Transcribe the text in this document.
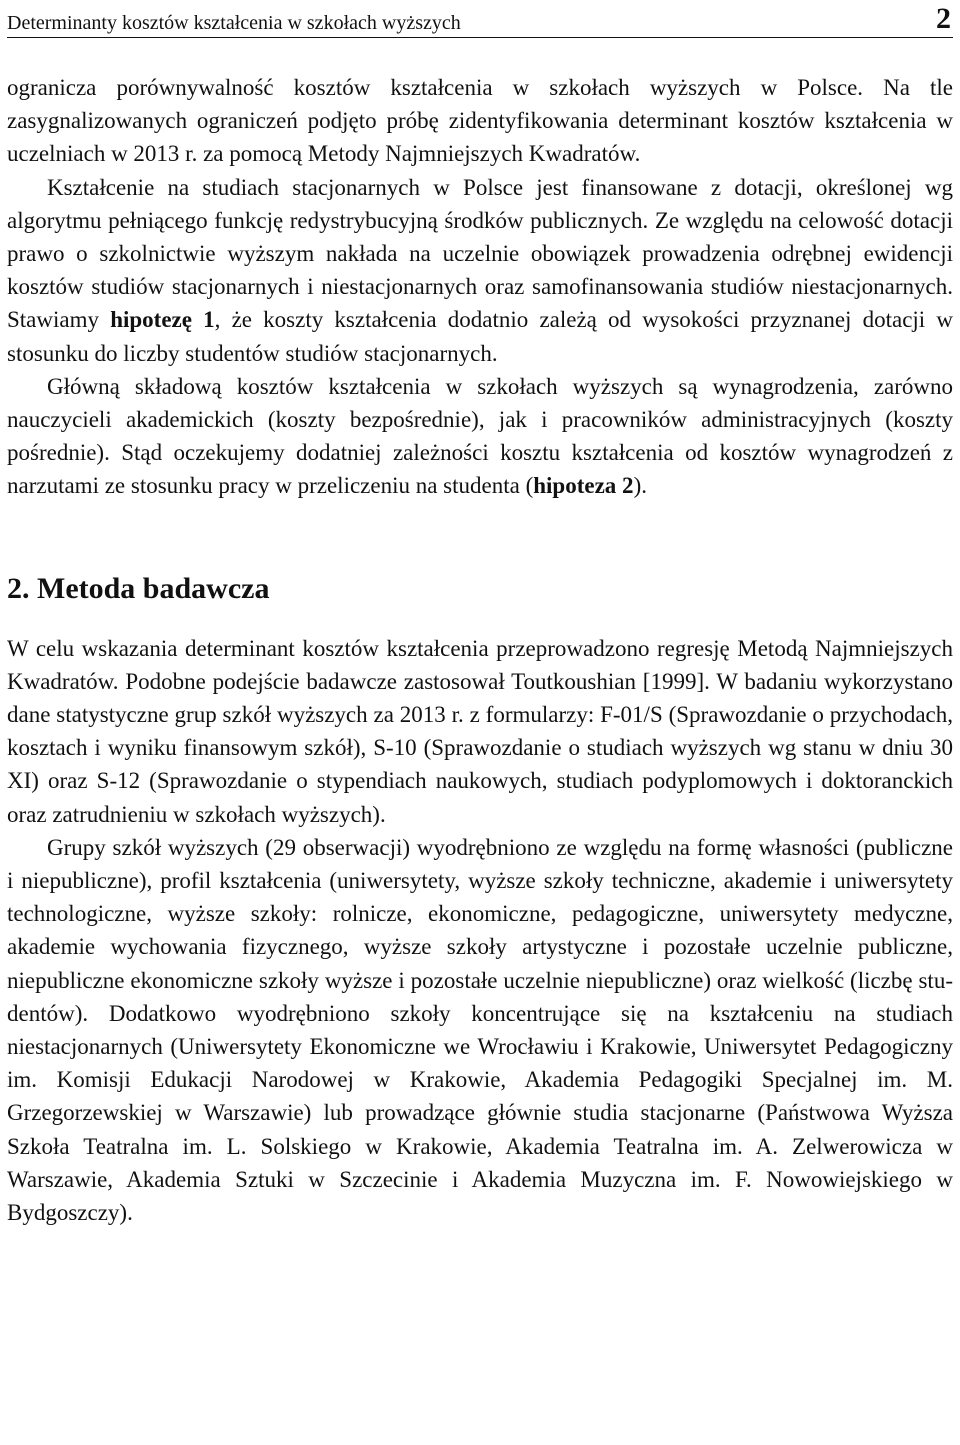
Determinanty kosztów kształcenia w szkołach wyższych	2

ogranicza porównywalność kosztów kształcenia w szkołach wyższych w Polsce. Na tle zasygnalizowanych ograniczeń podjęto próbę zidentyfikowania determinant kosztów kształcenia w uczelniach w 2013 r. za pomocą Metody Najmniejszych Kwadratów.

Kształcenie na studiach stacjonarnych w Polsce jest finansowane z dotacji, określonej wg algorytmu pełniącego funkcję redystrybucyjną środków publicznych. Ze względu na celowość dotacji prawo o szkolnictwie wyższym nakłada na uczelnie obowiązek prowadzenia odrębnej ewidencji kosztów studiów stacjonarnych i niestacjonarnych oraz samofinansowania studiów niestacjonarnych. Stawiamy hipotezę 1, że koszty kształcenia dodatnio zależą od wysokości przyznanej dotacji w stosunku do liczby studentów studiów stacjonarnych.

Główną składową kosztów kształcenia w szkołach wyższych są wynagrodzenia, zarówno nauczycieli akademickich (koszty bezpośrednie), jak i pracowników administracyjnych (koszty pośrednie). Stąd oczekujemy dodatniej zależności kosztu kształcenia od kosztów wynagrodzeń z narzutami ze stosunku pracy w przeliczeniu na studenta (hipoteza 2).

2. Metoda badawcza

W celu wskazania determinant kosztów kształcenia przeprowadzono regresję Metodą Najmniejszych Kwadratów. Podobne podejście badawcze zastosował Toutkoushian [1999]. W badaniu wykorzystano dane statystyczne grup szkół wyższych za 2013 r. z formularzy: F-01/S (Sprawozdanie o przychodach, kosztach i wyniku finansowym szkół), S-10 (Sprawozdanie o studiach wyższych wg stanu w dniu 30 XI) oraz S-12 (Sprawozdanie o stypendiach naukowych, studiach podyplomowych i doktoranckich oraz zatrudnieniu w szkołach wyższych).

Grupy szkół wyższych (29 obserwacji) wyodrębniono ze względu na formę własności (publiczne i niepubliczne), profil kształcenia (uniwersytety, wyższe szkoły techniczne, akademie i uniwersytety technologiczne, wyższe szkoły: rolnicze, ekonomiczne, pedagogiczne, uniwersytety medyczne, akademie wychowania fizycznego, wyższe szkoły artystyczne i pozostałe uczelnie publiczne, niepubliczne ekonomiczne szkoły wyższe i pozostałe uczelnie niepubliczne) oraz wielkość (liczbę studentów). Dodatkowo wyodrębniono szkoły koncentrujące się na kształceniu na studiach niestacjonarnych (Uniwersytety Ekonomiczne we Wrocławiu i Krakowie, Uniwersytet Pedagogiczny im. Komisji Edukacji Narodowej w Krakowie, Akademia Pedagogiki Specjalnej im. M. Grzegorzewskiej w Warszawie) lub prowadzące głównie studia stacjonarne (Państwowa Wyższa Szkoła Teatralna im. L. Solskiego w Krakowie, Akademia Teatralna im. A. Zelwerowicza w Warszawie, Akademia Sztuki w Szczecinie i Akademia Muzyczna im. F. Nowowiejskiego w Bydgoszczy).
